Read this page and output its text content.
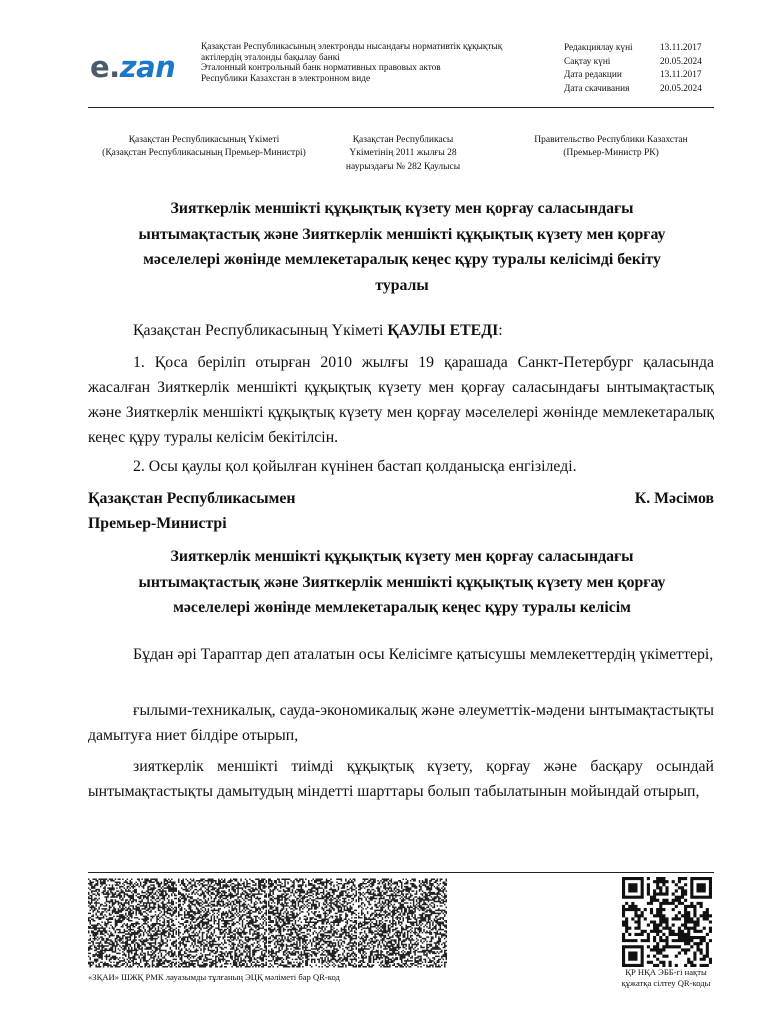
e.zan
Қазақстан Республикасының электронды нысандағы нормативтік құқықтық
актілердің эталонды бақылау банкі
Эталонный контрольный банк нормативных правовых актов
Республики Казахстан в электронном виде
Редакциялау күні	13.11.2017
Сақтау күні	20.05.2024
Дата редакции	13.11.2017
Дата скачивания	20.05.2024
Қазақстан Республикасының Үкіметі
(Қазақстан Республикасының Премьер-Министрі)
Қазақстан Республикасы
Үкіметінің 2011 жылғы 28
наурыздағы № 282 Қаулысы
Правительство Республики Казахстан
(Премьер-Министр РК)
Зияткерлік меншікті құқықтық күзету мен қорғау саласындағы
ынтымақтастық және Зияткерлік меншікті құқықтық күзету мен қорғау
мәселелері жөнінде мемлекетаралық кеңес құру туралы келісімді бекіту
туралы
Қазақстан Республикасының Үкіметі ҚАУЛЫ ЕТЕДІ:
1. Қоса беріліп отырған 2010 жылғы 19 қарашада Санкт-Петербург қаласында жасалған Зияткерлік меншікті құқықтық күзету мен қорғау саласындағы ынтымақтастық және Зияткерлік меншікті құқықтық күзету мен қорғау мәселелері жөнінде мемлекетаралық кеңес құру туралы келісім бекітілсін.
2. Осы қаулы қол қойылған күнінен бастап қолданысқа енгізіледі.
Қазақстан Республикасымен
Премьер-Министрі
К. Мәсімов
Зияткерлік меншікті құқықтық күзету мен қорғау саласындағы
ынтымақтастық және Зияткерлік меншікті құқықтық күзету мен қорғау
мәселелері жөнінде мемлекетаралық кеңес құру туралы келісім
Бұдан әрі Тараптар деп аталатын осы Келісімге қатысушы мемлекеттердің үкіметтері,
ғылыми-техникалық, сауда-экономикалық және әлеуметтік-мәдени ынтымақтастықты дамытуға ниет білдіре отырып,
зияткерлік меншікті тиімді құқықтық күзету, қорғау және басқару осындай ынтымақтастықты дамытудың міндетті шарттары болып табылатынын мойындай отырып,
«ЗҚАИ» ШЖҚ РМК лауазымды тұлғаның ЭЦҚ мәліметі бар QR-код	ҚР НҚА ЭББ-гі нақты
құжатқа сілтеу QR-коды
